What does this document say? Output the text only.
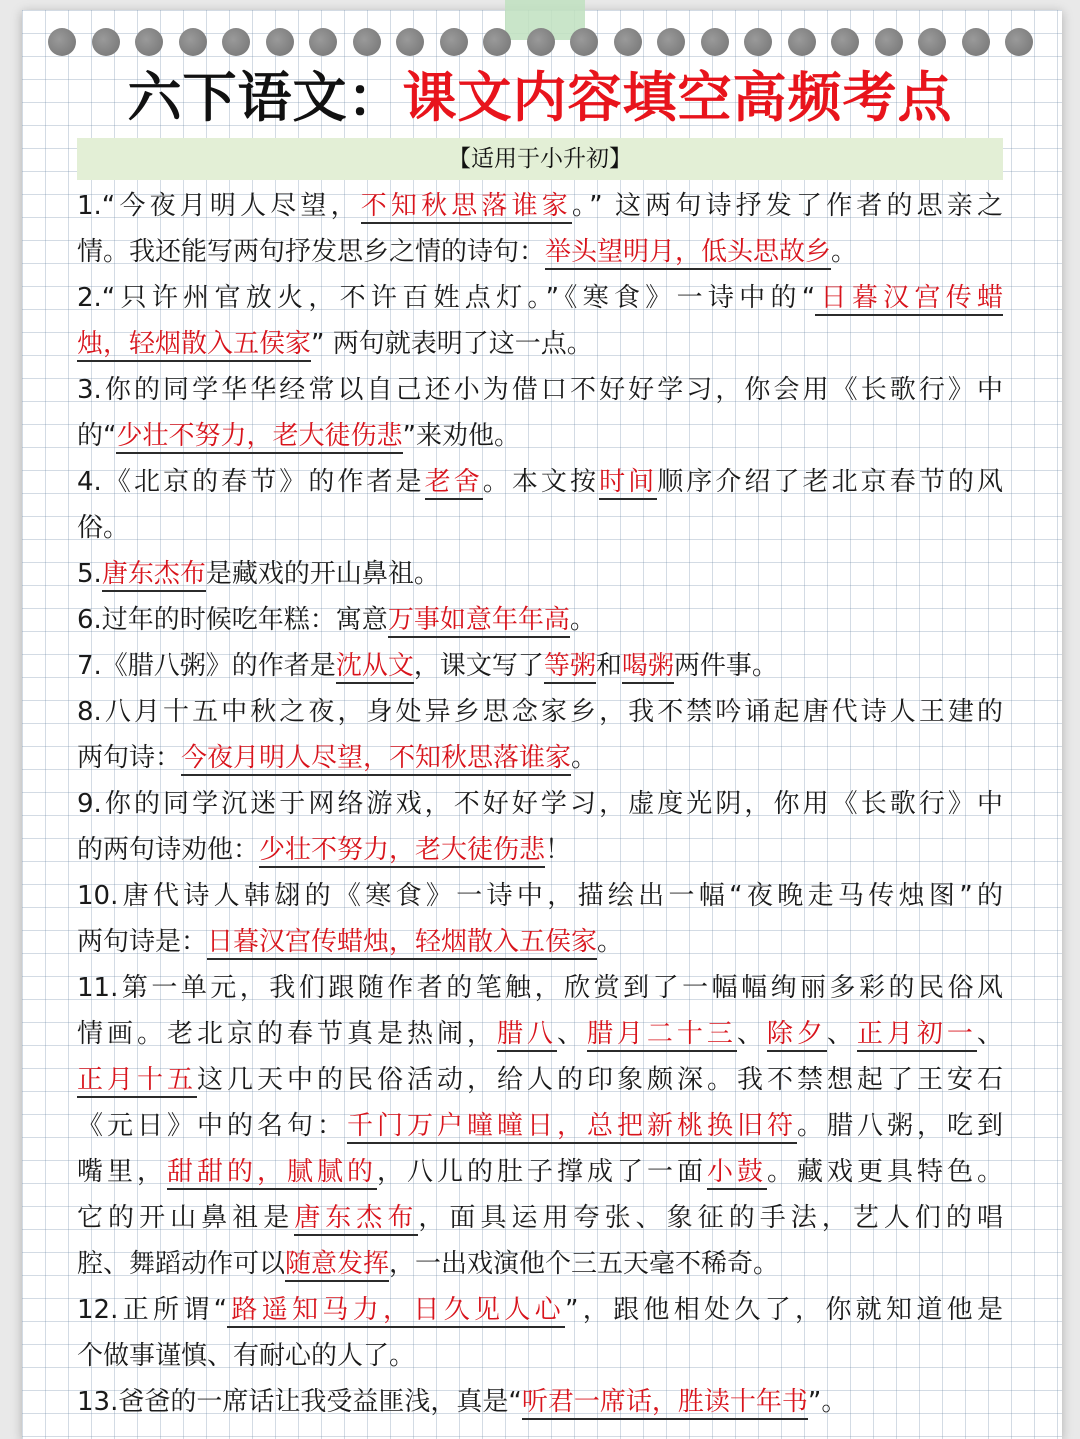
六下语文：课文内容填空高频考点
【适用于小升初】
1.“今夜月明人尽望，不知秋思落谁家。” 这两句诗抒发了作者的思亲之
情。我还能写两句抒发思乡之情的诗句：举头望明月，低头思故乡。
2.“只许州官放火，不许百姓点灯。”《寒食》一诗中的“日暮汉宫传蜡
烛，轻烟散入五侯家” 两句就表明了这一点。
3.你的同学华华经常以自己还小为借口不好好学习，你会用《长歌行》中
的“少壮不努力，老大徒伤悲”来劝他。
4.《北京的春节》的作者是老舍。本文按时间顺序介绍了老北京春节的风
俗。
5.唐东杰布是藏戏的开山鼻祖。
6.过年的时候吃年糕：寓意万事如意年年高。
7.《腊八粥》的作者是沈从文，课文写了等粥和喝粥两件事。
8.八月十五中秋之夜，身处异乡思念家乡，我不禁吟诵起唐代诗人王建的
两句诗：今夜月明人尽望，不知秋思落谁家。
9.你的同学沉迷于网络游戏，不好好学习，虚度光阴，你用《长歌行》中
的两句诗劝他：少壮不努力，老大徒伤悲！
10.唐代诗人韩翃的《寒食》一诗中，描绘出一幅“夜晚走马传烛图”的
两句诗是：日暮汉宫传蜡烛，轻烟散入五侯家。
11.第一单元，我们跟随作者的笔触，欣赏到了一幅幅绚丽多彩的民俗风
情画。老北京的春节真是热闹，腊八、腊月二十三、除夕、正月初一、
正月十五这几天中的民俗活动，给人的印象颇深。我不禁想起了王安石
《元日》中的名句：千门万户曈曈日，总把新桃换旧符。腊八粥，吃到
嘴里，甜甜的，腻腻的，八儿的肚子撑成了一面小鼓。藏戏更具特色。
它的开山鼻祖是唐东杰布，面具运用夸张、象征的手法，艺人们的唱
腔、舞蹈动作可以随意发挥，一出戏演他个三五天毫不稀奇。
12.正所谓“路遥知马力，日久见人心”，跟他相处久了，你就知道他是
个做事谨慎、有耐心的人了。
13.爸爸的一席话让我受益匪浅，真是“听君一席话，胜读十年书”。
